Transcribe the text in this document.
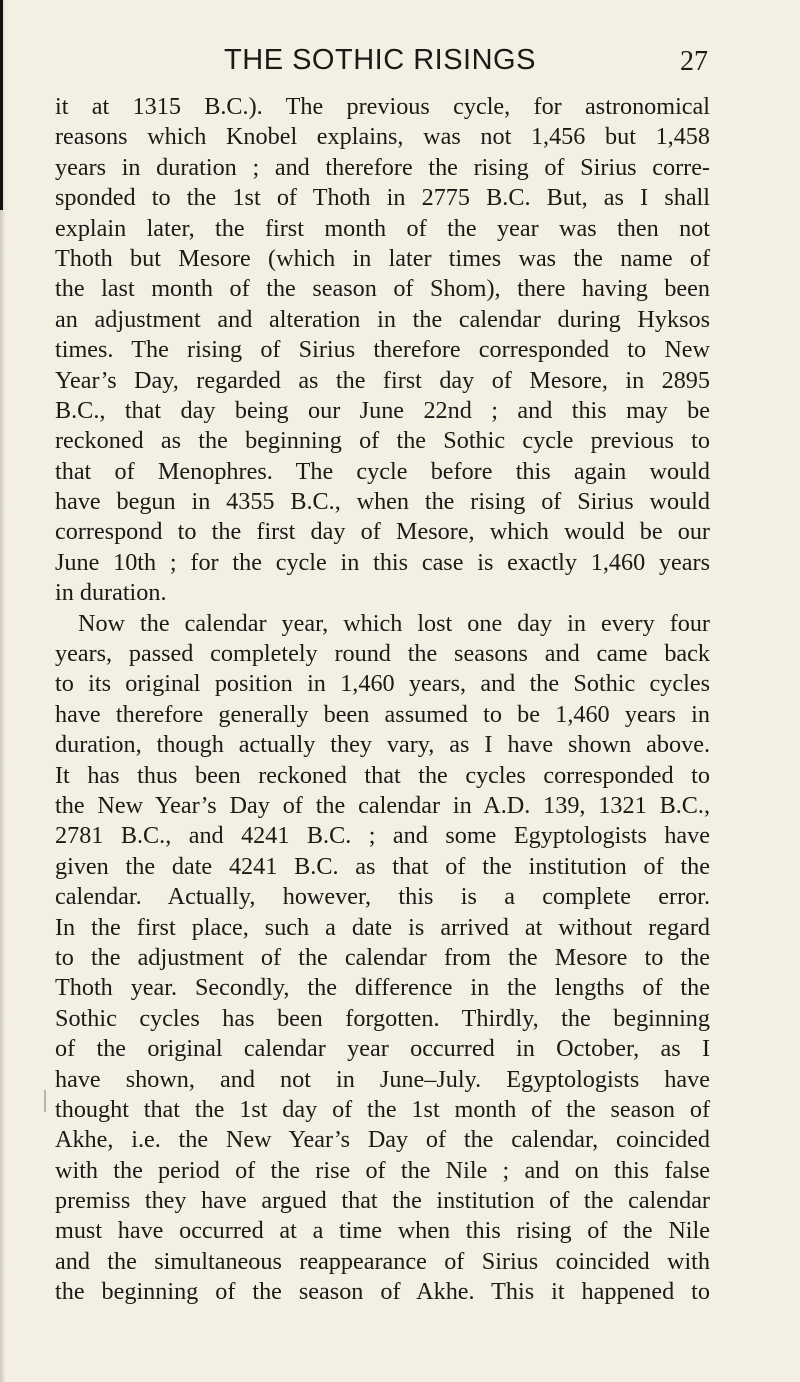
THE SOTHIC RISINGS	27
it at 1315 B.C.). The previous cycle, for astronomical
reasons which Knobel explains, was not 1,456 but 1,458
years in duration ; and therefore the rising of Sirius corre-
sponded to the 1st of Thoth in 2775 B.C. But, as I shall
explain later, the first month of the year was then not
Thoth but Mesore (which in later times was the name of
the last month of the season of Shom), there having been
an adjustment and alteration in the calendar during Hyksos
times. The rising of Sirius therefore corresponded to New
Year’s Day, regarded as the first day of Mesore, in 2895
B.C., that day being our June 22nd ; and this may be
reckoned as the beginning of the Sothic cycle previous to
that of Menophres. The cycle before this again would
have begun in 4355 B.C., when the rising of Sirius would
correspond to the first day of Mesore, which would be our
June 10th ; for the cycle in this case is exactly 1,460 years
in duration.
Now the calendar year, which lost one day in every four
years, passed completely round the seasons and came back
to its original position in 1,460 years, and the Sothic cycles
have therefore generally been assumed to be 1,460 years in
duration, though actually they vary, as I have shown above.
It has thus been reckoned that the cycles corresponded to
the New Year’s Day of the calendar in A.D. 139, 1321 B.C.,
2781 B.C., and 4241 B.C. ; and some Egyptologists have
given the date 4241 B.C. as that of the institution of the
calendar. Actually, however, this is a complete error.
In the first place, such a date is arrived at without regard
to the adjustment of the calendar from the Mesore to the
Thoth year. Secondly, the difference in the lengths of the
Sothic cycles has been forgotten. Thirdly, the beginning
of the original calendar year occurred in October, as I
have shown, and not in June–July. Egyptologists have
thought that the 1st day of the 1st month of the season of
Akhe, i.e. the New Year’s Day of the calendar, coincided
with the period of the rise of the Nile ; and on this false
premiss they have argued that the institution of the calendar
must have occurred at a time when this rising of the Nile
and the simultaneous reappearance of Sirius coincided with
the beginning of the season of Akhe. This it happened to
